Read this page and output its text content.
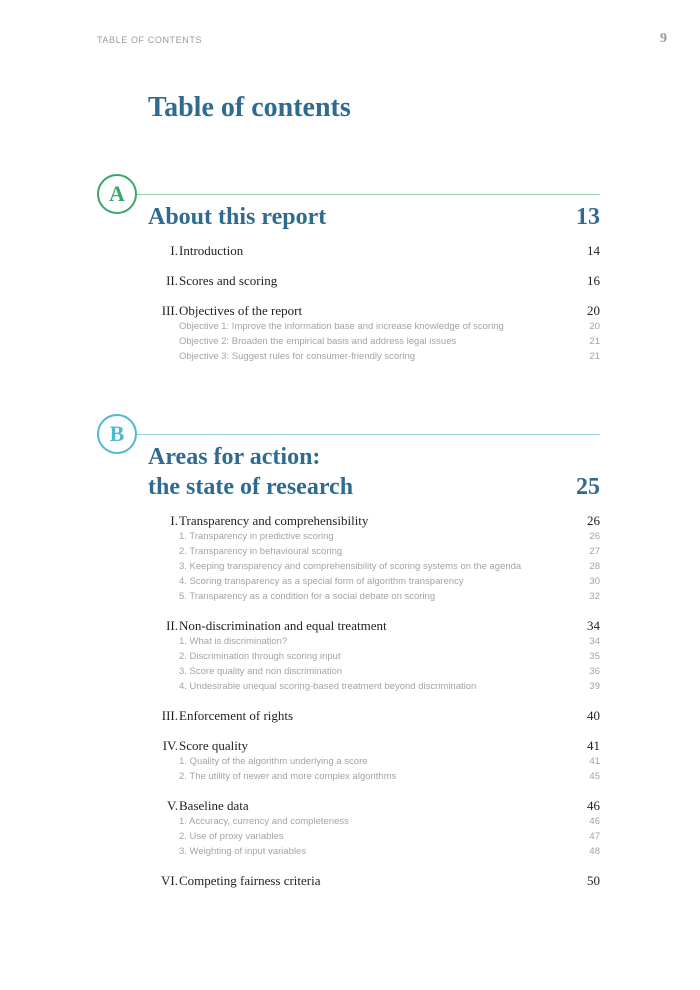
TABLE OF CONTENTS	9
Table of contents
A
About this report	13
I. Introduction	14
II. Scores and scoring	16
III. Objectives of the report	20
Objective 1: Improve the information base and increase knowledge of scoring	20
Objective 2: Broaden the empirical basis and address legal issues	21
Objective 3: Suggest rules for consumer-friendly scoring	21
B
Areas for action:
the state of research	25
I. Transparency and comprehensibility	26
1. Transparency in predictive scoring	26
2. Transparency in behavioural scoring	27
3. Keeping transparency and comprehensibility of scoring systems on the agenda	28
4. Scoring transparency as a special form of algorithm transparency	30
5. Transparency as a condition for a social debate on scoring	32
II. Non-discrimination and equal treatment	34
1. What is discrimination?	34
2. Discrimination through scoring input	35
3. Score quality and non discrimination	36
4. Undesirable unequal scoring-based treatment beyond discrimination	39
III. Enforcement of rights	40
IV. Score quality	41
1. Quality of the algorithm underlying a score	41
2. The utility of newer and more complex algorithms	45
V. Baseline data	46
1. Accuracy, currency and completeness	46
2. Use of proxy variables	47
3. Weighting of input variables	48
VI. Competing fairness criteria	50
